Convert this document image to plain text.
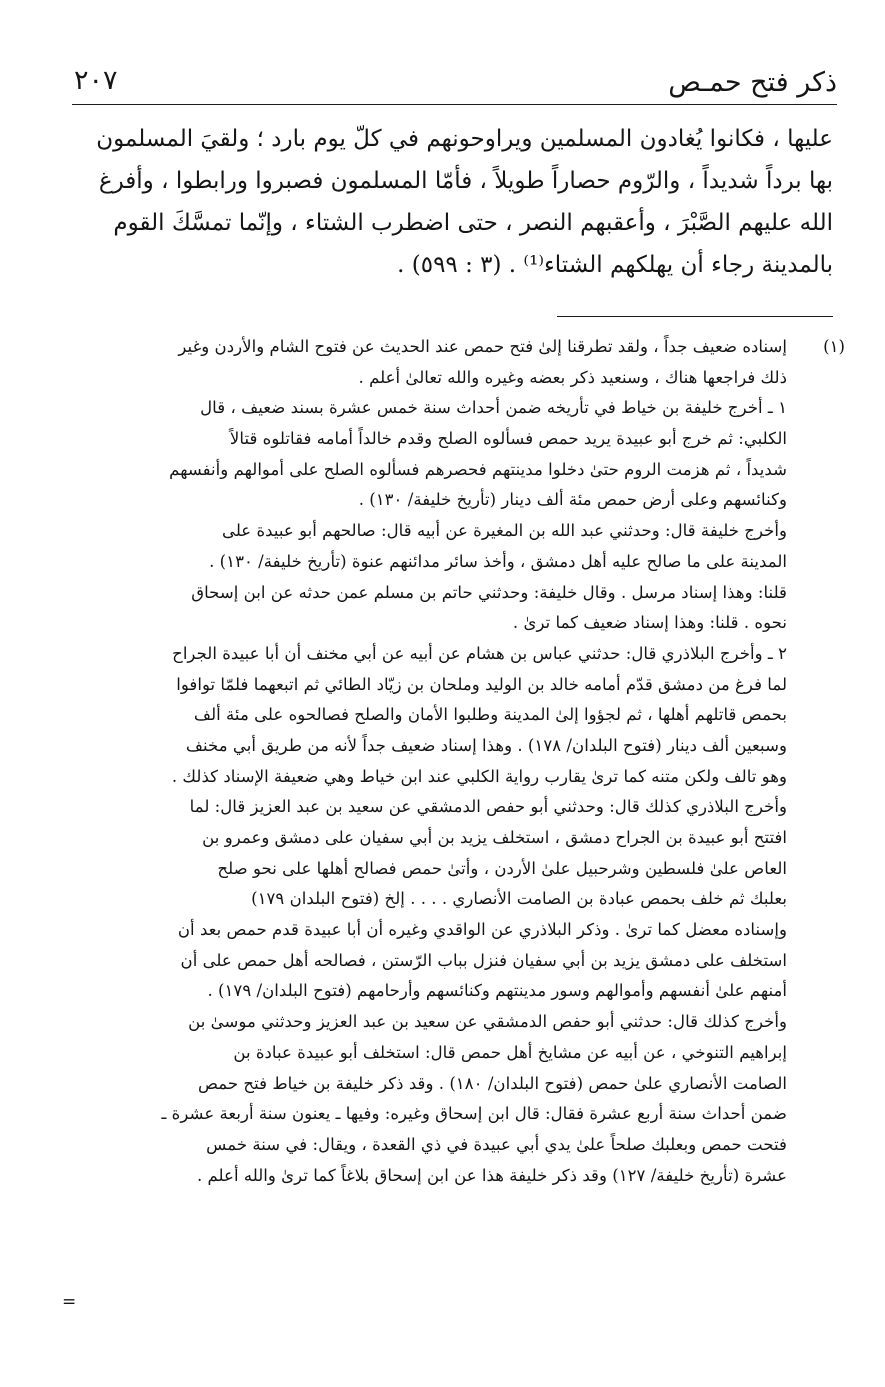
ذكر فتح حمـص
٢٠٧
عليها ، فكانوا يُغادون المسلمين ويراوحونهم في كلّ يوم بارد ؛ ولقيَ المسلمون
بها برداً شديداً ، والرّوم حصاراً طويلاً ، فأمّا المسلمون فصبروا ورابطوا ، وأفرغ
الله عليهم الصَّبْرَ ، وأعقبهم النصر ، حتى اضطرب الشتاء ، وإنّما تمسَّكَ القوم
بالمدينة رجاء أن يهلكهم الشتاء⁽¹⁾ . (٣ : ٥٩٩) .
(١)إسناده ضعيف جداً ، ولقد تطرقنا إلىٰ فتح حمص عند الحديث عن فتوح الشام والأردن وغير
ذلك فراجعها هناك ، وسنعيد ذكر بعضه وغيره والله تعالىٰ أعلم .
١ ـ أخرج خليفة بن خياط في تأريخه ضمن أحداث سنة خمس عشرة بسند ضعيف ، قال
الكلبي: ثم خرج أبو عبيدة يريد حمص فسألوه الصلح وقدم خالداً أمامه فقاتلوه قتالاً
شديداً ، ثم هزمت الروم حتىٰ دخلوا مدينتهم فحصرهم فسألوه الصلح على أموالهم وأنفسهم
وكنائسهم وعلى أرض حمص مئة ألف دينار (تأريخ خليفة/ ١٣٠) .
وأخرج خليفة قال: وحدثني عبد الله بن المغيرة عن أبيه قال: صالحهم أبو عبيدة على
المدينة على ما صالح عليه أهل دمشق ، وأخذ سائر مدائنهم عنوة (تأريخ خليفة/ ١٣٠) .
قلنا: وهذا إسناد مرسل . وقال خليفة: وحدثني حاتم بن مسلم عمن حدثه عن ابن إسحاق
نحوه . قلنا: وهذا إسناد ضعيف كما ترىٰ .
٢ ـ وأخرج البلاذري قال: حدثني عباس بن هشام عن أبيه عن أبي مخنف أن أبا عبيدة الجراح
لما فرغ من دمشق قدّم أمامه خالد بن الوليد وملحان بن زيّاد الطائي ثم اتبعهما فلمّا توافوا
بحمص قاتلهم أهلها ، ثم لجؤوا إلىٰ المدينة وطلبوا الأمان والصلح فصالحوه على مئة ألف
وسبعين ألف دينار (فتوح البلدان/ ١٧٨) . وهذا إسناد ضعيف جداً لأنه من طريق أبي مخنف
وهو تالف ولكن متنه كما ترىٰ يقارب رواية الكلبي عند ابن خياط وهي ضعيفة الإسناد كذلك .
وأخرج البلاذري كذلك قال: وحدثني أبو حفص الدمشقي عن سعيد بن عبد العزيز قال: لما
افتتح أبو عبيدة بن الجراح دمشق ، استخلف يزيد بن أبي سفيان على دمشق وعمرو بن
العاص علىٰ فلسطين وشرحبيل علىٰ الأردن ، وأتىٰ حمص فصالح أهلها على نحو صلح
بعلبك ثم خلف بحمص عبادة بن الصامت الأنصاري . . . . إلخ (فتوح البلدان ١٧٩)
وإسناده معضل كما ترىٰ . وذكر البلاذري عن الواقدي وغيره أن أبا عبيدة قدم حمص بعد أن
استخلف على دمشق يزيد بن أبي سفيان فنزل بباب الرّستن ، فصالحه أهل حمص على أن
أمنهم علىٰ أنفسهم وأموالهم وسور مدينتهم وكنائسهم وأرحامهم (فتوح البلدان/ ١٧٩) .
وأخرج كذلك قال: حدثني أبو حفص الدمشقي عن سعيد بن عبد العزيز وحدثني موسىٰ بن
إبراهيم التنوخي ، عن أبيه عن مشايخ أهل حمص قال: استخلف أبو عبيدة عبادة بن
الصامت الأنصاري علىٰ حمص (فتوح البلدان/ ١٨٠) . وقد ذكر خليفة بن خياط فتح حمص
ضمن أحداث سنة أربع عشرة فقال: قال ابن إسحاق وغيره: وفيها ـ يعنون سنة أربعة عشرة ـ
فتحت حمص وبعلبك صلحاً علىٰ يدي أبي عبيدة في ذي القعدة ، ويقال: في سنة خمس
عشرة (تأريخ خليفة/ ١٢٧) وقد ذكر خليفة هذا عن ابن إسحاق بلاغاً كما ترىٰ والله أعلم .
=
